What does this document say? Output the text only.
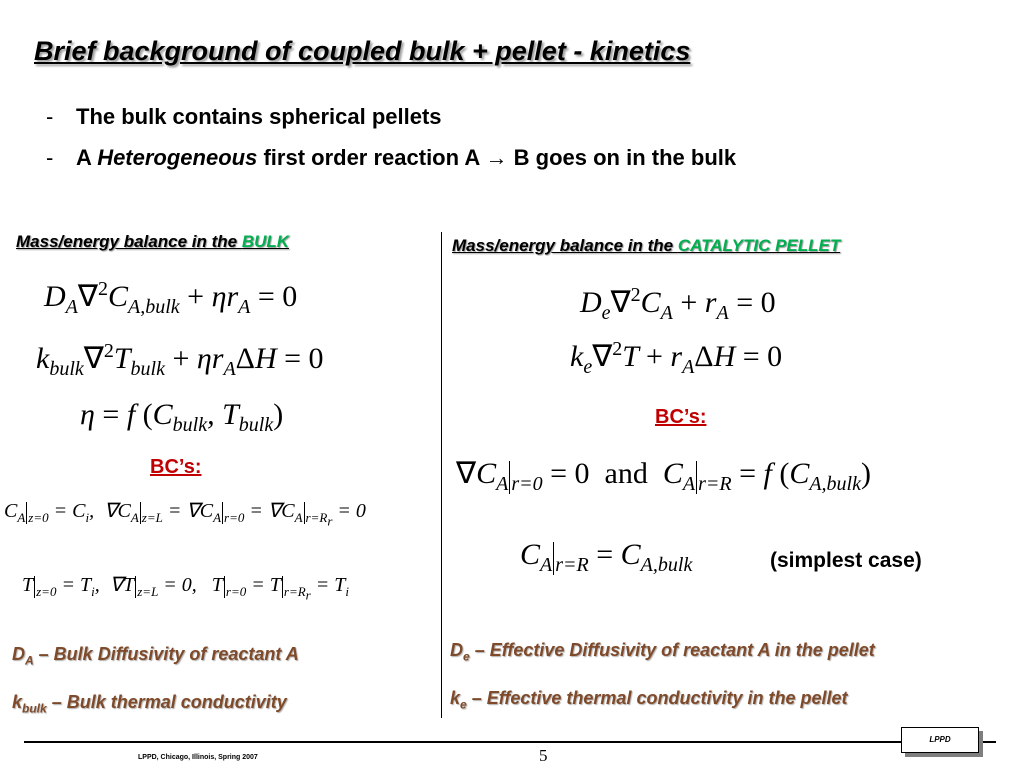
Brief background of coupled bulk + pellet - kinetics
- The bulk contains spherical pellets
- A Heterogeneous first order reaction A → B goes on in the bulk
Mass/energy balance in the BULK	Mass/energy balance in the CATALYTIC PELLET
$D_A\nabla^2C_{A,bulk} + \eta r_A = 0$
$k_{bulk}\nabla^2T_{bulk} + \eta r_A\Delta H = 0$
η = f ($C_{bulk}$, $T_{bulk}$)
BC’s:
$C_A$ $_{z=0} = C_i$,  $\nabla C_A$ $_{z=L} = \nabla C_A$ $_{r=0} = \nabla C_A$ $_{r=R_r}$ = 0
T $_{z=0} = T_i$,  ∇T $_{z=L}$ = 0,   T $_{r=0}$ = T $_{r=R_r} = T_i$
$D_A$ – Bulk Diffusivity of reactant A
$k_{bulk}$ – Bulk thermal conductivity
$D_e\nabla^2C_A + r_A = 0$
$k_e\nabla^2T + r_A\Delta H = 0$
BC’s:
$\nabla C_A$ $_{r=0}$ = 0  and  $C_A$ $_{r=R}$ = f $(C_{A,bulk})$
$C_A$ $_{r=R} = C_{A,bulk}$	(simplest case)
$D_e$ – Effective Diffusivity of reactant A in the pellet
$k_e$ – Effective thermal conductivity in the pellet
LPPD, Chicago, Illinois, Spring 2007	5
LPPD
